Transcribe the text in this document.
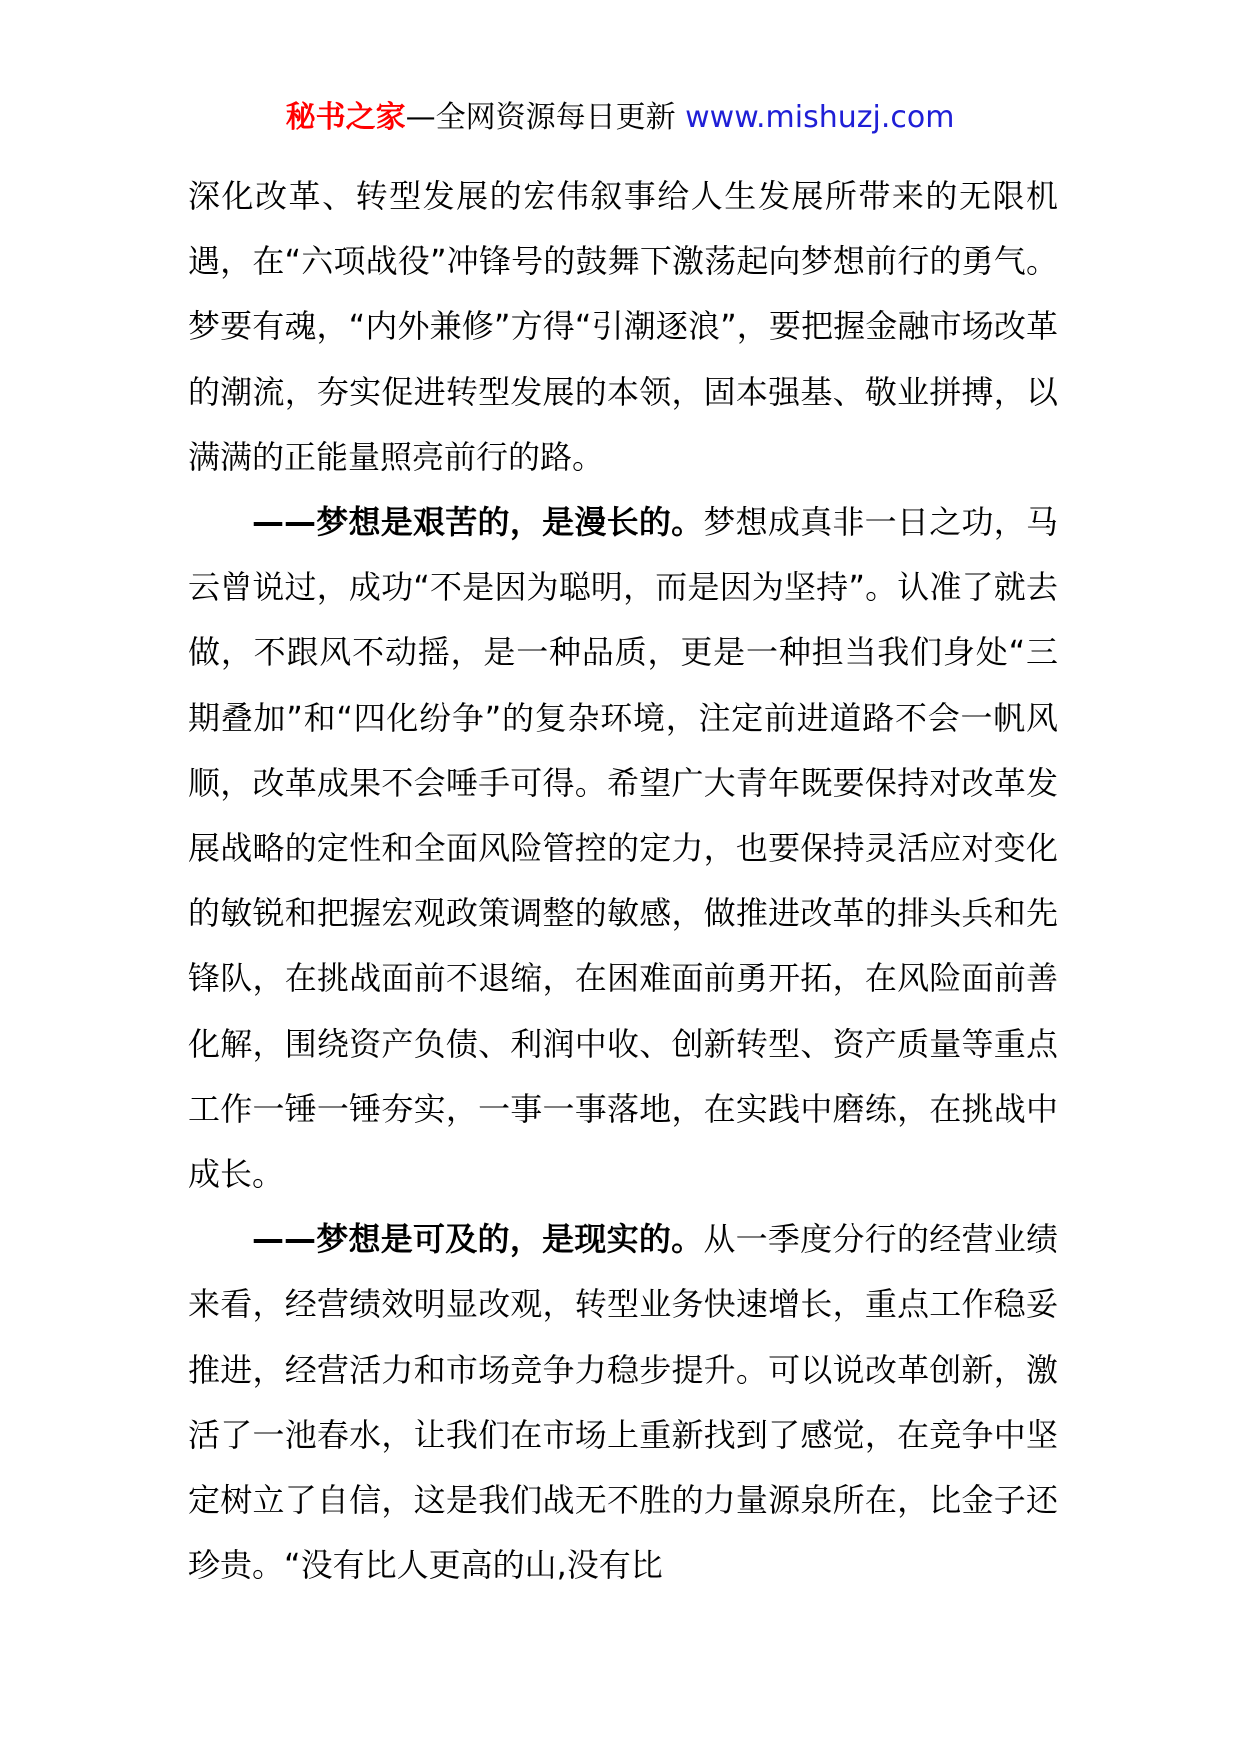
秘书之家—全网资源每日更新 www.mishuzj.com

深化改革、转型发展的宏伟叙事给人生发展所带来的无限机遇，在“六项战役”冲锋号的鼓舞下激荡起向梦想前行的勇气。梦要有魂，“内外兼修”方得“引潮逐浪”，要把握金融市场改革的潮流，夯实促进转型发展的本领，固本强基、敬业拼搏，以满满的正能量照亮前行的路。

——梦想是艰苦的，是漫长的。梦想成真非一日之功，马云曾说过，成功“不是因为聪明，而是因为坚持”。认准了就去做，不跟风不动摇，是一种品质，更是一种担当我们身处“三期叠加”和“四化纷争”的复杂环境，注定前进道路不会一帆风顺，改革成果不会唾手可得。希望广大青年既要保持对改革发展战略的定性和全面风险管控的定力，也要保持灵活应对变化的敏锐和把握宏观政策调整的敏感，做推进改革的排头兵和先锋队，在挑战面前不退缩，在困难面前勇开拓，在风险面前善化解，围绕资产负债、利润中收、创新转型、资产质量等重点工作一锤一锤夯实，一事一事落地，在实践中磨练，在挑战中成长。

——梦想是可及的，是现实的。从一季度分行的经营业绩来看，经营绩效明显改观，转型业务快速增长，重点工作稳妥推进，经营活力和市场竞争力稳步提升。可以说改革创新，激活了一池春水，让我们在市场上重新找到了感觉，在竞争中坚定树立了自信，这是我们战无不胜的力量源泉所在，比金子还珍贵。“没有比人更高的山,没有比
